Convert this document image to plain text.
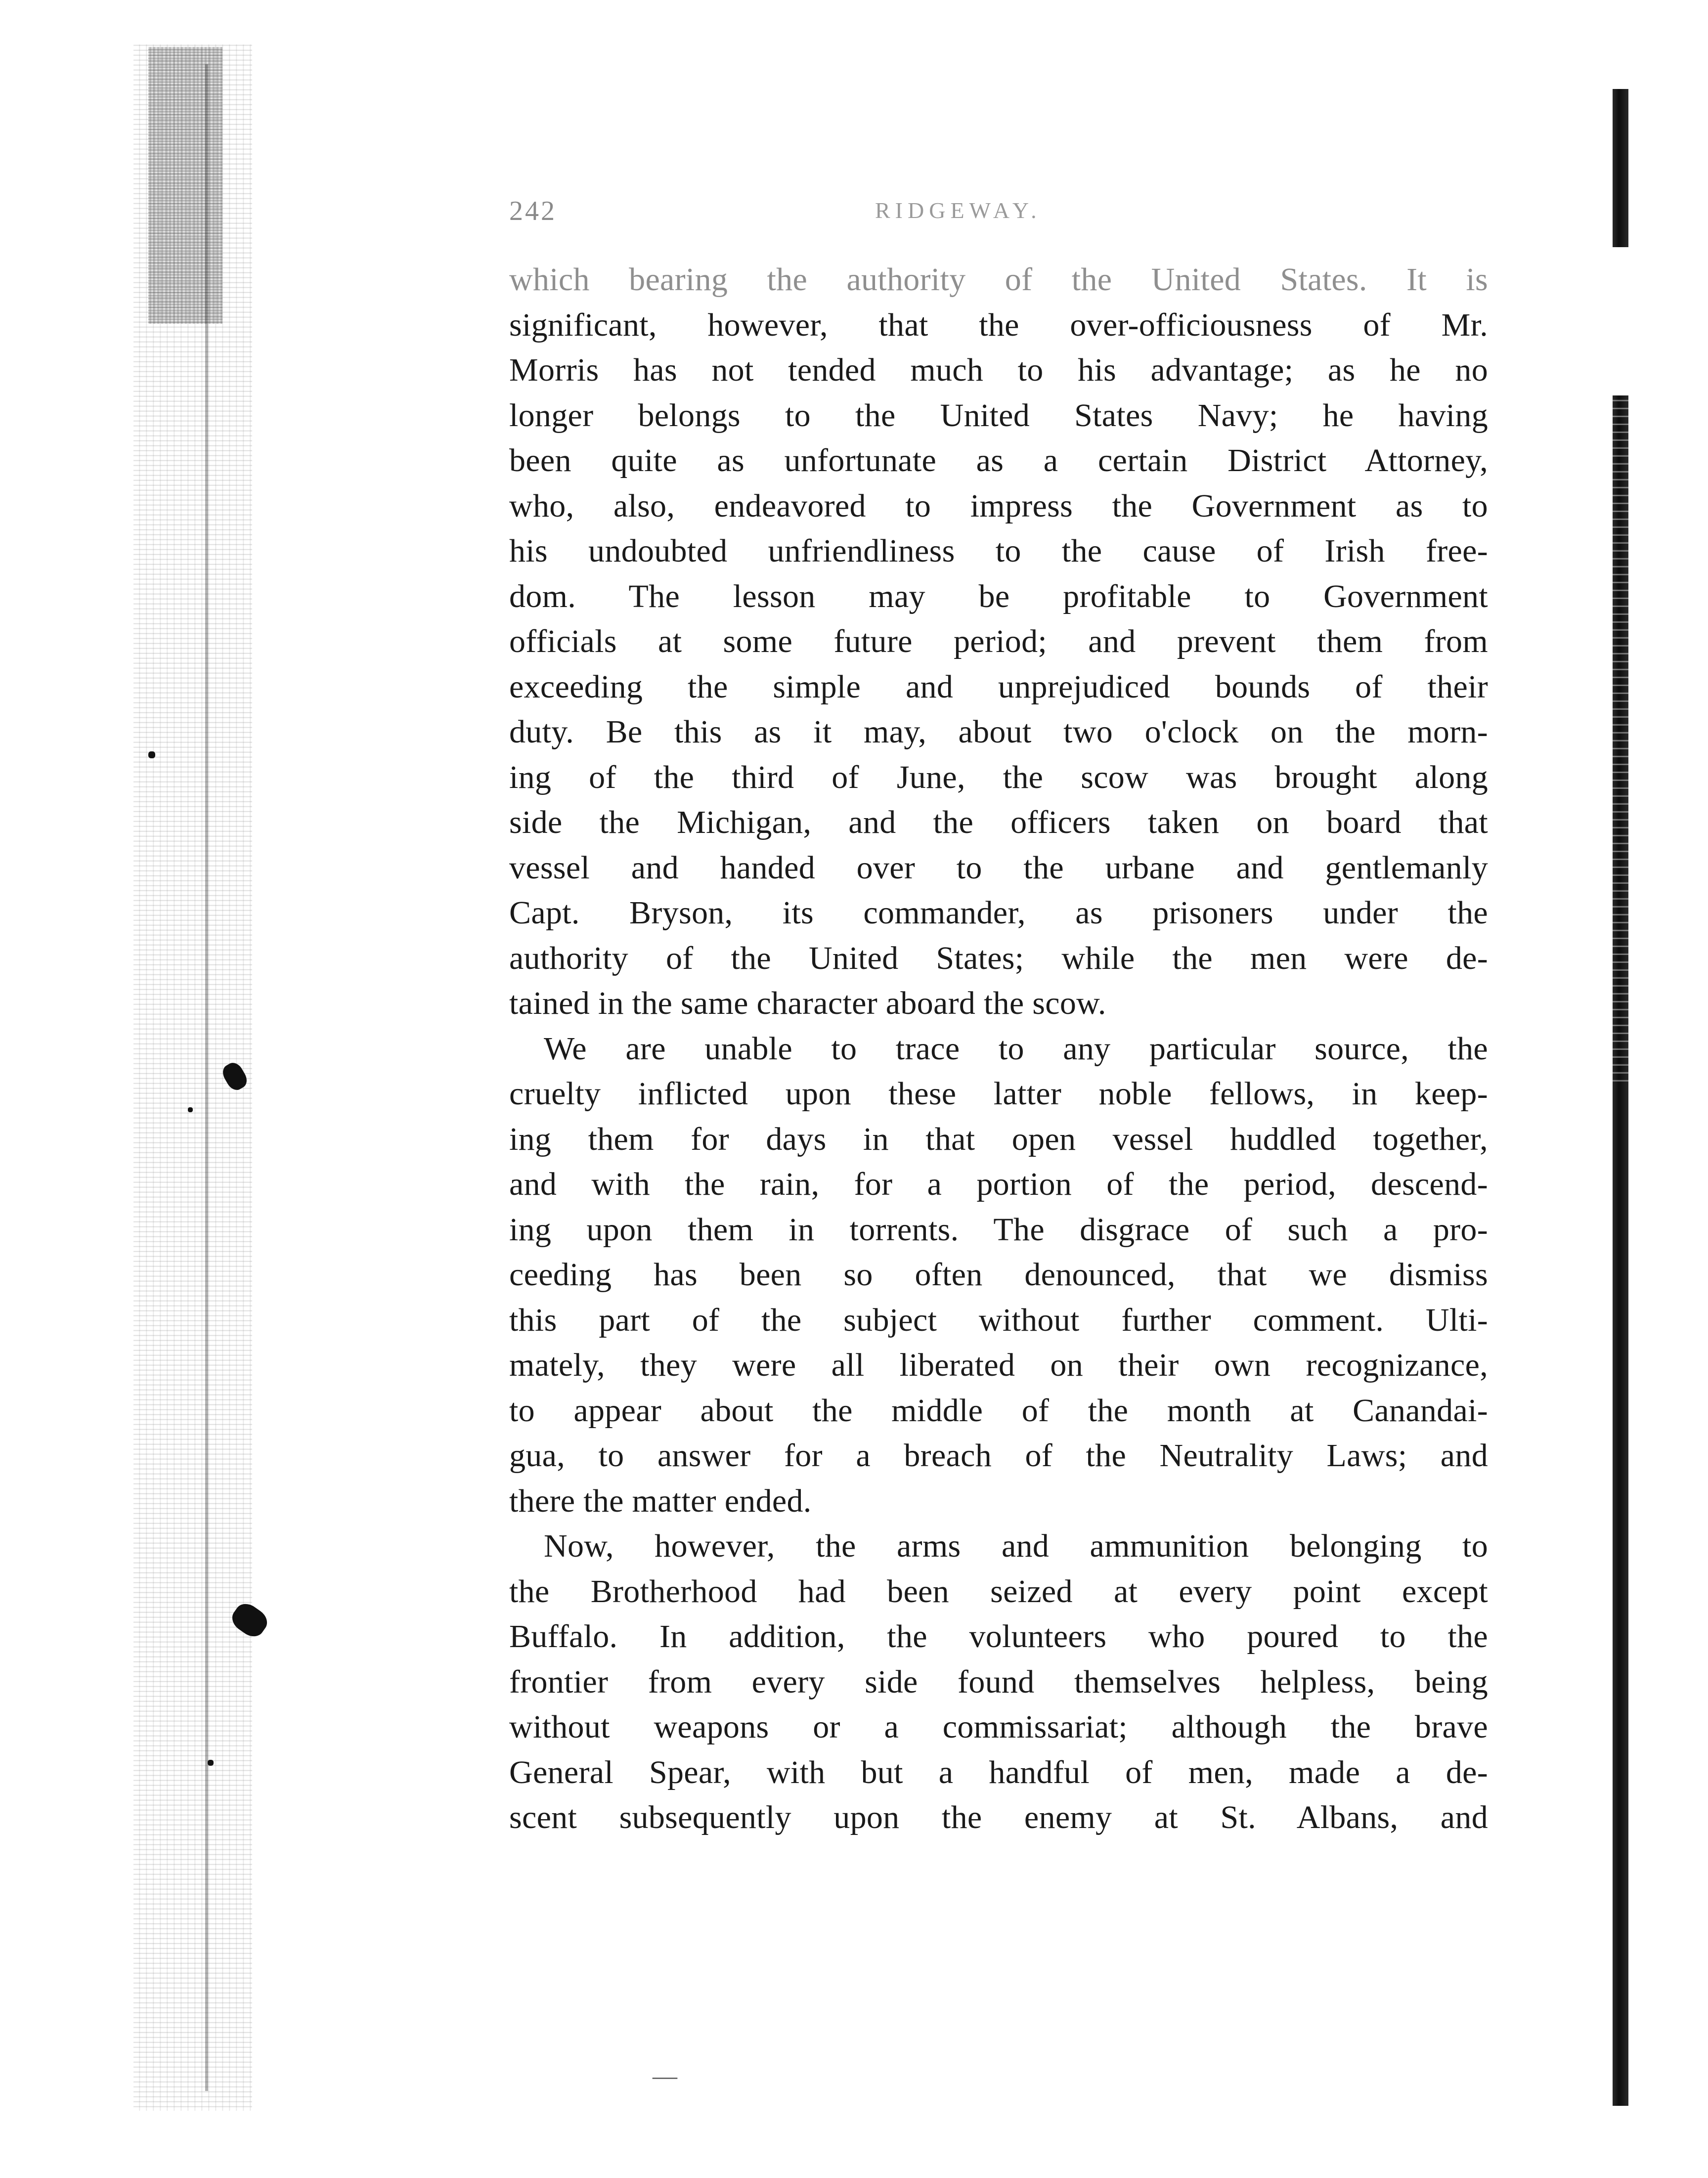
242	RIDGEWAY.
which bearing the authority of the United States. It is
significant, however, that the over-officiousness of Mr.
Morris has not tended much to his advantage; as he no
longer belongs to the United States Navy; he having
been quite as unfortunate as a certain District Attorney,
who, also, endeavored to impress the Government as to
his undoubted unfriendliness to the cause of Irish free-
dom. The lesson may be profitable to Government
officials at some future period; and prevent them from
exceeding the simple and unprejudiced bounds of their
duty. Be this as it may, about two o'clock on the morn-
ing of the third of June, the scow was brought along
side the Michigan, and the officers taken on board that
vessel and handed over to the urbane and gentlemanly
Capt. Bryson, its commander, as prisoners under the
authority of the United States; while the men were de-
tained in the same character aboard the scow.
We are unable to trace to any particular source, the
cruelty inflicted upon these latter noble fellows, in keep-
ing them for days in that open vessel huddled together,
and with the rain, for a portion of the period, descend-
ing upon them in torrents. The disgrace of such a pro-
ceeding has been so often denounced, that we dismiss
this part of the subject without further comment. Ulti-
mately, they were all liberated on their own recognizance,
to appear about the middle of the month at Canandai-
gua, to answer for a breach of the Neutrality Laws; and
there the matter ended.
Now, however, the arms and ammunition belonging to
the Brotherhood had been seized at every point except
Buffalo. In addition, the volunteers who poured to the
frontier from every side found themselves helpless, being
without weapons or a commissariat; although the brave
General Spear, with but a handful of men, made a de-
scent subsequently upon the enemy at St. Albans, and
—
